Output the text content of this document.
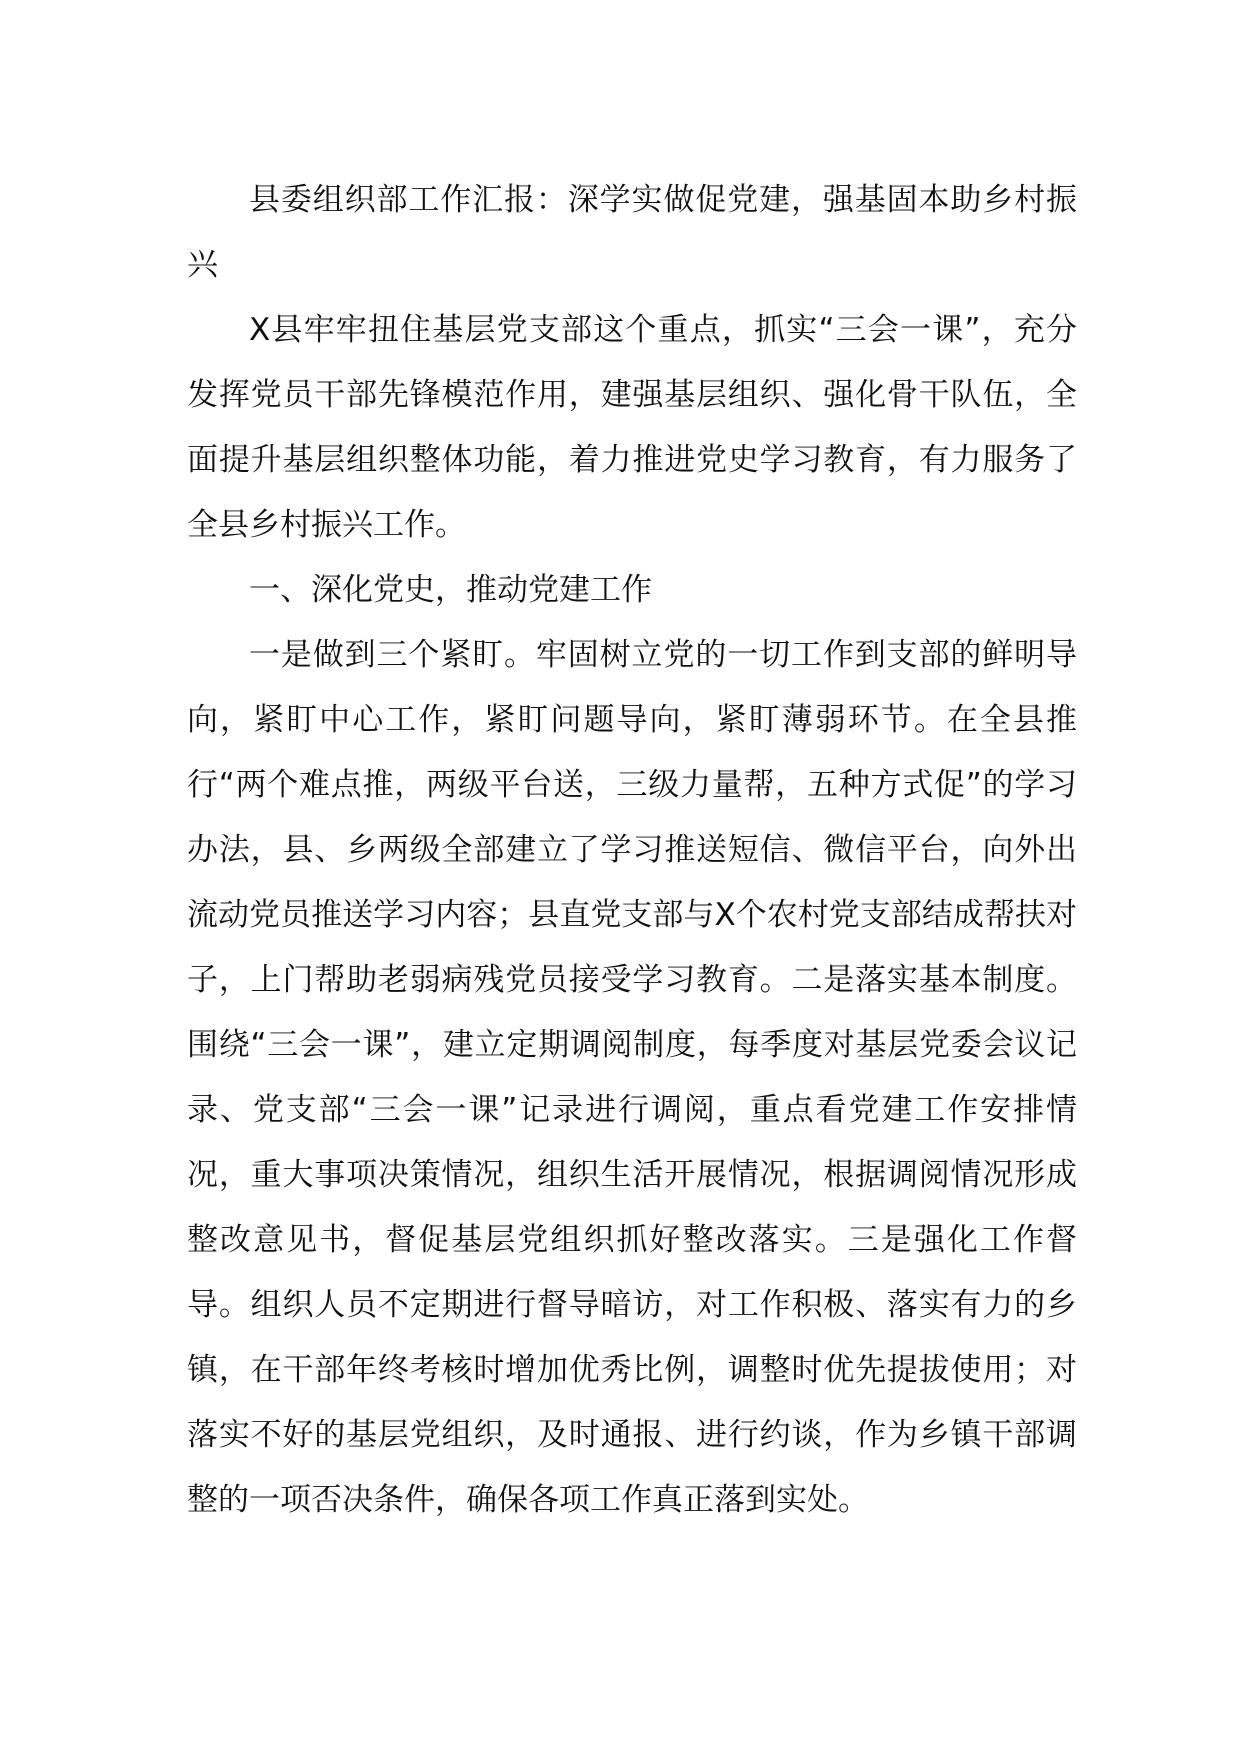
县委组织部工作汇报：深学实做促党建，强基固本助乡村振兴

X县牢牢扭住基层党支部这个重点，抓实“三会一课”，充分发挥党员干部先锋模范作用，建强基层组织、强化骨干队伍，全面提升基层组织整体功能，着力推进党史学习教育，有力服务了全县乡村振兴工作。

一、深化党史，推动党建工作

一是做到三个紧盯。牢固树立党的一切工作到支部的鲜明导向，紧盯中心工作，紧盯问题导向，紧盯薄弱环节。在全县推行“两个难点推，两级平台送，三级力量帮，五种方式促”的学习办法，县、乡两级全部建立了学习推送短信、微信平台，向外出流动党员推送学习内容；县直党支部与X个农村党支部结成帮扶对子，上门帮助老弱病残党员接受学习教育。二是落实基本制度。围绕“三会一课”，建立定期调阅制度，每季度对基层党委会议记录、党支部“三会一课”记录进行调阅，重点看党建工作安排情况，重大事项决策情况，组织生活开展情况，根据调阅情况形成整改意见书，督促基层党组织抓好整改落实。三是强化工作督导。组织人员不定期进行督导暗访，对工作积极、落实有力的乡镇，在干部年终考核时增加优秀比例，调整时优先提拔使用；对落实不好的基层党组织，及时通报、进行约谈，作为乡镇干部调整的一项否决条件，确保各项工作真正落到实处。
